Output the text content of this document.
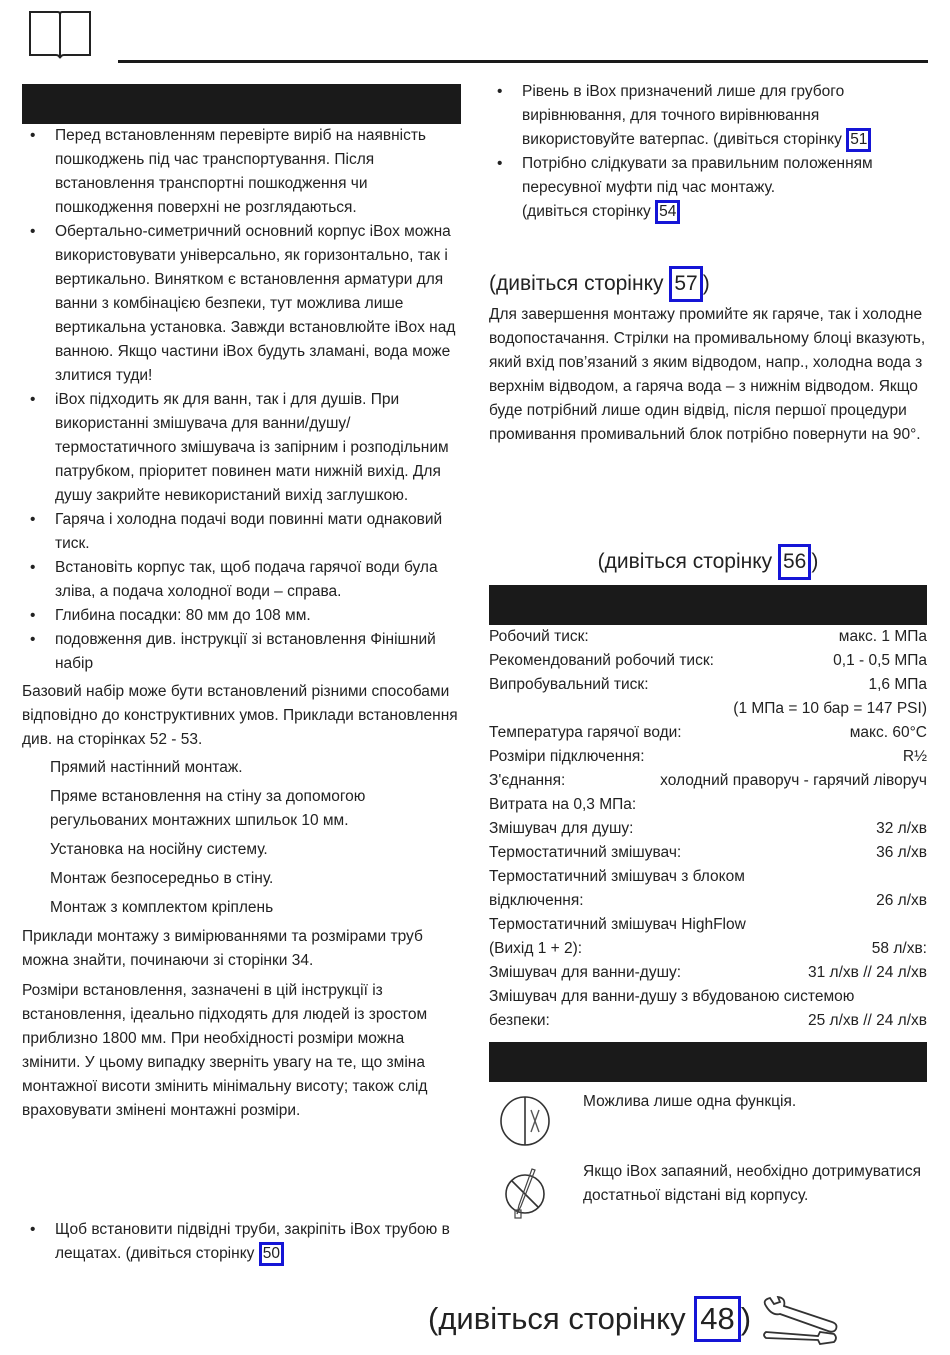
• Перед встановленням перевірте виріб на наявність пошкоджень під час транспортування. Після встановлення транспортні пошкодження чи пошкодження поверхні не розглядаються.
• Обертально-симетричний основний корпус iBox можна використовувати універсально, як горизонтально, так і вертикально. Винятком є встановлення арматури для ванни з комбінацією безпеки, тут можлива лише вертикальна установка. Завжди встановлюйте iBox над ванною. Якщо частини iBox будуть зламані, вода може злитися туди!
• iBox підходить як для ванн, так і для душів. При використанні змішувача для ванни/душу/ термостатичного змішувача із запірним і розподільним патрубком, пріоритет повинен мати нижній вихід. Для душу закрийте невикористаний вихід заглушкою.
• Гаряча і холодна подачі води повинні мати однаковий тиск.
• Встановіть корпус так, щоб подача гарячої води була зліва, а подача холодної води – справа.
• Глибина посадки: 80 мм до 108 мм.
• подовження див. інструкції зі встановлення Фінішний набір

Базовий набір може бути встановлений різними способами відповідно до конструктивних умов. Приклади встановлення див. на сторінках 52 - 53.

Прямий настінний монтаж.
Пряме встановлення на стіну за допомогою регульованих монтажних шпильок 10 мм.
Установка на носійну систему.
Монтаж безпосередньо в стіну.
Монтаж з комплектом кріплень

Приклади монтажу з вимірюваннями та розмірами труб можна знайти, починаючи зі сторінки 34.

Розміри встановлення, зазначені в цій інструкції із встановлення, ідеально підходять для людей із зростом приблизно 1800 мм. При необхідності розміри можна змінити. У цьому випадку зверніть увагу на те, що зміна монтажної висоти змінить мінімальну висоту; також слід враховувати змінені монтажні розміри.

• Щоб встановити підвідні труби, закріпіть iBox трубою в лещатах. (дивіться сторінку 50
• Рівень в iBox призначений лише для грубого вирівнювання, для точного вирівнювання використовуйте ватерпас. (дивіться сторінку 51
• Потрібно слідкувати за правильним положенням пересувної муфти під час монтажу.
(дивіться сторінку 54
(дивіться сторінку 57 )
Для завершення монтажу промийте як гаряче, так і холодне водопостачання. Стрілки на промивальному блоці вказують, який вхід пов’язаний з яким відводом, напр., холодна вода з верхнім відводом, а гаряча вода – з нижнім відводом. Якщо буде потрібний лише один відвід, після першої процедури промивання промивальний блок потрібно повернути на 90°.
(дивіться сторінку 56 )
Робочий тиск:	макс. 1 МПа
Рекомендований робочий тиск:	0,1 - 0,5 МПа
Випробувальний тиск:	1,6 МПа
(1 МПа = 10 бар = 147 PSI)
Температура гарячої води:	макс. 60°C
Розміри підключення:	R½
З'єднання:	холодний праворуч - гарячий ліворуч
Витрата на 0,3 МПа:
Змішувач для душу:	32 л/хв
Термостатичний змішувач:	36 л/хв
Термостатичний змішувач з блоком
відключення:	26 л/хв
Термостатичний змішувач HighFlow
(Вихід 1 + 2):	58 л/хв:
Змішувач для ванни-душу:	31 л/хв // 24 л/хв
Змішувач для ванни-душу з вбудованою системою
безпеки:	25 л/хв // 24 л/хв
Можлива лише одна функція.
Якщо iBox запаяний, необхідно дотримуватися достатньої відстані від корпусу.
(дивіться сторінку 48 )
